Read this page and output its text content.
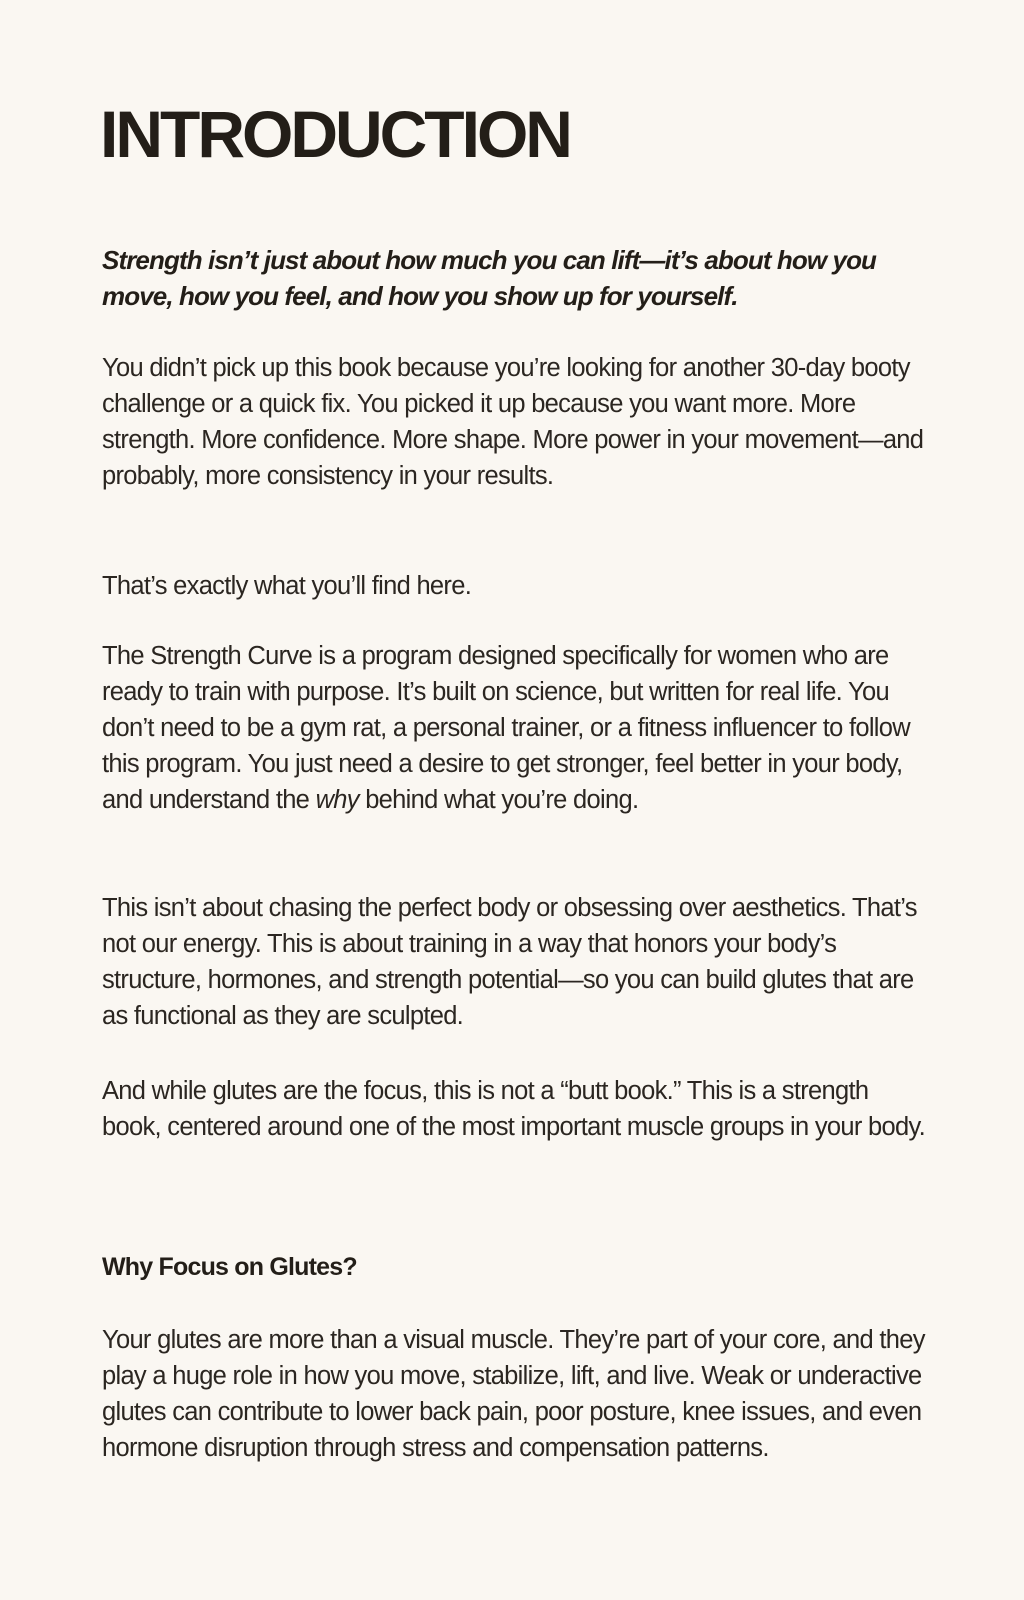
INTRODUCTION

Strength isn’t just about how much you can lift—it’s about how you move, how you feel, and how you show up for yourself.

You didn’t pick up this book because you’re looking for another 30-day booty challenge or a quick fix. You picked it up because you want more. More strength. More confidence. More shape. More power in your movement—and probably, more consistency in your results.

That’s exactly what you’ll find here.

The Strength Curve is a program designed specifically for women who are ready to train with purpose. It’s built on science, but written for real life. You don’t need to be a gym rat, a personal trainer, or a fitness influencer to follow this program. You just need a desire to get stronger, feel better in your body, and understand the why behind what you’re doing.

This isn’t about chasing the perfect body or obsessing over aesthetics. That’s not our energy. This is about training in a way that honors your body’s structure, hormones, and strength potential—so you can build glutes that are as functional as they are sculpted.

And while glutes are the focus, this is not a “butt book.” This is a strength book, centered around one of the most important muscle groups in your body.

Why Focus on Glutes?

Your glutes are more than a visual muscle. They’re part of your core, and they play a huge role in how you move, stabilize, lift, and live. Weak or underactive glutes can contribute to lower back pain, poor posture, knee issues, and even hormone disruption through stress and compensation patterns.
